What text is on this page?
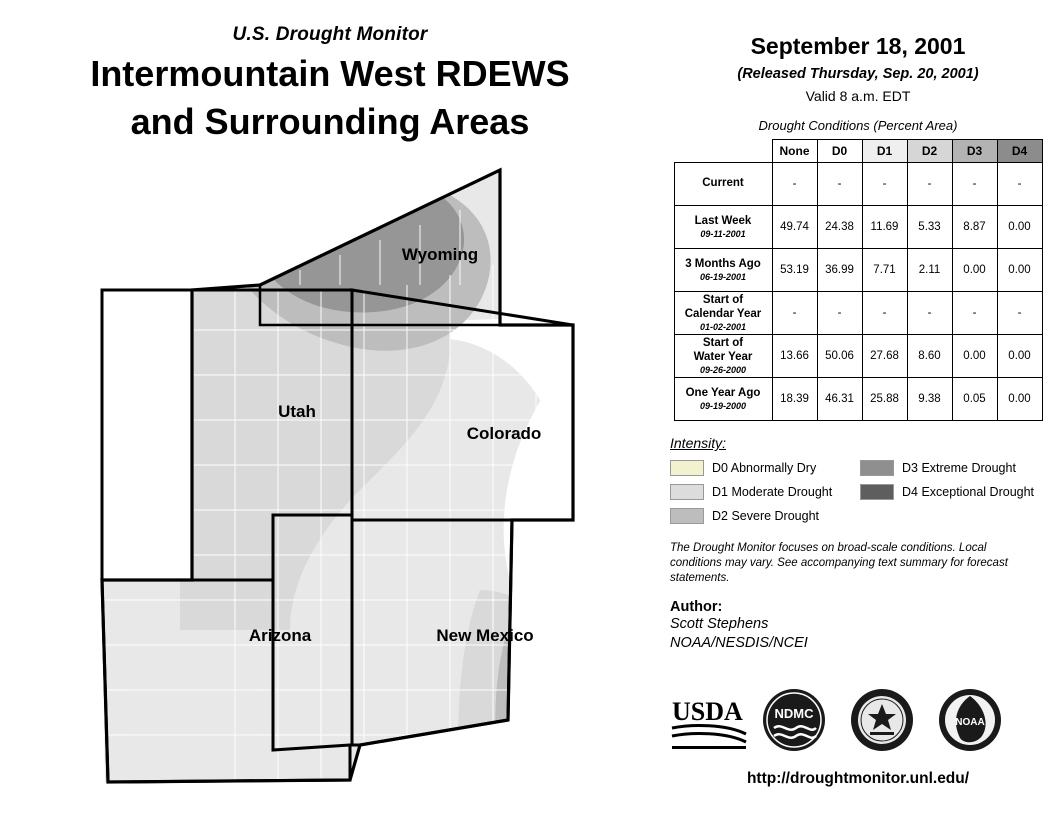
U.S. Drought Monitor
Intermountain West RDEWS
and Surrounding Areas
Wyoming
Utah
Colorado
Arizona	New Mexico
September 18, 2001
(Released Thursday, Sep. 20, 2001)
Valid 8 a.m. EDT
Drought Conditions (Percent Area)
	None	D0	D1	D2	D3	D4
Current	-	-	-	-	-	-
Last Week
09-11-2001	49.74	24.38	11.69	5.33	8.87	0.00
3 Months Ago
06-19-2001	53.19	36.99	7.71	2.11	0.00	0.00
Start of
Calendar Year
01-02-2001	-	-	-	-	-	-
Start of
Water Year
09-26-2000	13.66	50.06	27.68	8.60	0.00	0.00
One Year Ago
09-19-2000	18.39	46.31	25.88	9.38	0.05	0.00
Intensity:
D0 Abnormally Dry
D1 Moderate Drought
D2 Severe Drought
D3 Extreme Drought
D4 Exceptional Drought
The Drought Monitor focuses on broad-scale conditions. Local conditions may vary. See accompanying text summary for forecast statements.
Author:
Scott Stephens
NOAA/NESDIS/NCEI
USDA NDMC
NOAA
http://droughtmonitor.unl.edu/
